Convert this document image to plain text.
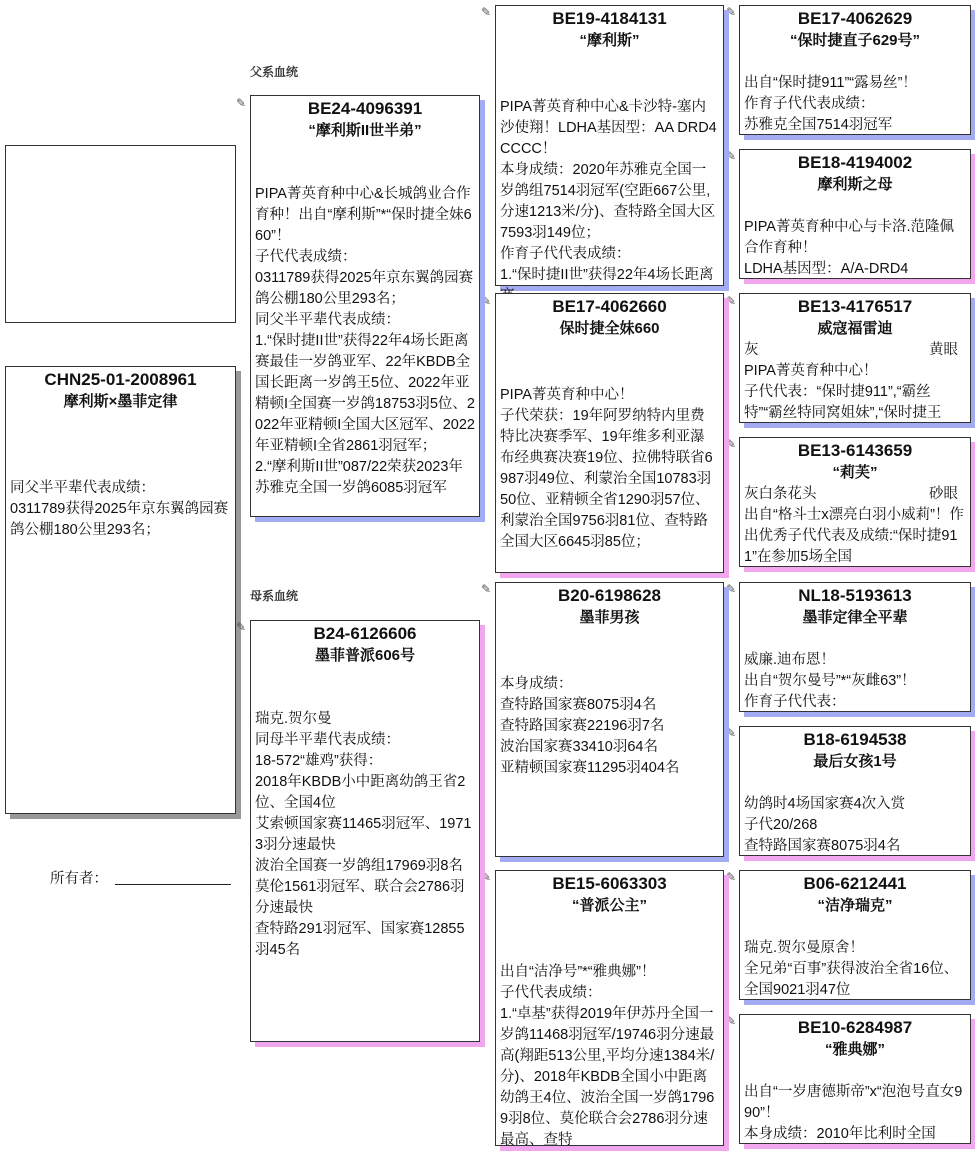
CHN25-01-2008961
摩利斯×墨菲定律
同父半平辈代表成绩：
0311789获得2025年京东翼鸽园赛鸽公棚180公里293名；
所有者：
父系血统
母系血统
✎
✎
✎
✎
✎
✎
✎
✎
✎
✎
✎
✎
✎
✎
BE24-4096391
“摩利斯II世半弟”
PIPA菁英育种中心&长城鸽业合作育种！出自“摩利斯”*“保时捷全妹660”！
子代代表成绩：
0311789获得2025年京东翼鸽园赛鸽公棚180公里293名；
同父半平辈代表成绩：
1.“保时捷II世”获得22年4场长距离赛最佳一岁鸽亚军、22年KBDB全国长距离一岁鸽王5位、2022年亚精顿I全国赛一岁鸽18753羽5位、2022年亚精顿I全国大区冠军、2022年亚精顿I全省2861羽冠军；
2.“摩利斯II世”087/22荣获2023年苏雅克全国一岁鸽6085羽冠军
B24-6126606
墨菲普派606号
瑞克.贺尔曼
同母半平辈代表成绩：
18-572“雄鸡”获得：
2018年KBDB小中距离幼鸽王省2位、全国4位
艾索顿国家赛11465羽冠军、19713羽分速最快
波治全国赛一岁鸽组17969羽8名
莫伦1561羽冠军、联合会2786羽分速最快
查特路291羽冠军、国家赛12855羽45名
BE19-4184131
“摩利斯”
PIPA菁英育种中心&卡沙特-塞内沙使翔！LDHA基因型：AA DRD4 CCCC！
本身成绩：2020年苏雅克全国一岁鸽组7514羽冠军(空距667公里,分速1213米/分)、查特路全国大区7593羽149位；
作育子代代表成绩：
1.“保时捷II世”获得22年4场长距离
BE17-4062660
保时捷全妹660
PIPA菁英育种中心！
子代荣获：19年阿罗纳特内里费特比决赛季军、19年维多利亚瀑布经典赛决赛19位、拉佛特联省6987羽49位、利蒙治全国10783羽50位、亚精顿全省1290羽57位、利蒙治全国9756羽81位、查特路全国大区6645羽85位；
B20-6198628
墨菲男孩
本身成绩：
查特路国家赛8075羽4名
查特路国家赛22196羽7名
波治国家赛33410羽64名
亚精顿国家赛11295羽404名
BE15-6063303
“普派公主”
出自“洁净号”*“雅典娜”！
子代代表成绩：
1.“卓基”获得2019年伊苏丹全国一岁鸽11468羽冠军/19746羽分速最高(翔距513公里,平均分速1384米/分)、2018年KBDB全国小中距离幼鸽王4位、波治全国一岁鸽17969羽8位、莫伦联合会2786羽分速最高、查特
BE17-4062629
“保时捷直子629号”
出自“保时捷911”“露易丝”！
作育子代代表成绩：
苏雅克全国7514羽冠军
BE18-4194002
摩利斯之母
PIPA菁英育种中心与卡洛.范隆佩合作育种！
LDHA基因型：A/A-DRD4
BE13-4176517
威寇福雷迪
灰	黄眼
PIPA菁英育种中心！
子代代表：“保时捷911”,“霸丝特”“霸丝特同窝姐妹”,“保时捷王
BE13-6143659
“莉芙”
灰白条花头	砂眼
出自“格斗士x漂亮白羽小威莉”！作出优秀子代代表及成绩:“保时捷911”在参加5场全国
NL18-5193613
墨菲定律全平辈
威廉.迪布恩！
出自“贺尔曼号”*“灰雌63”！
作育子代代表：
B18-6194538
最后女孩1号
幼鸽时4场国家赛4次入赏
子代20/268
查特路国家赛8075羽4名
B06-6212441
“洁净瑞克”
瑞克.贺尔曼原舍！
全兄弟“百事”获得波治全省16位、全国9021羽47位
BE10-6284987
“雅典娜”
出自“一岁唐德斯帝”x“泡泡号直女990”！
本身成绩：2010年比利时全国
